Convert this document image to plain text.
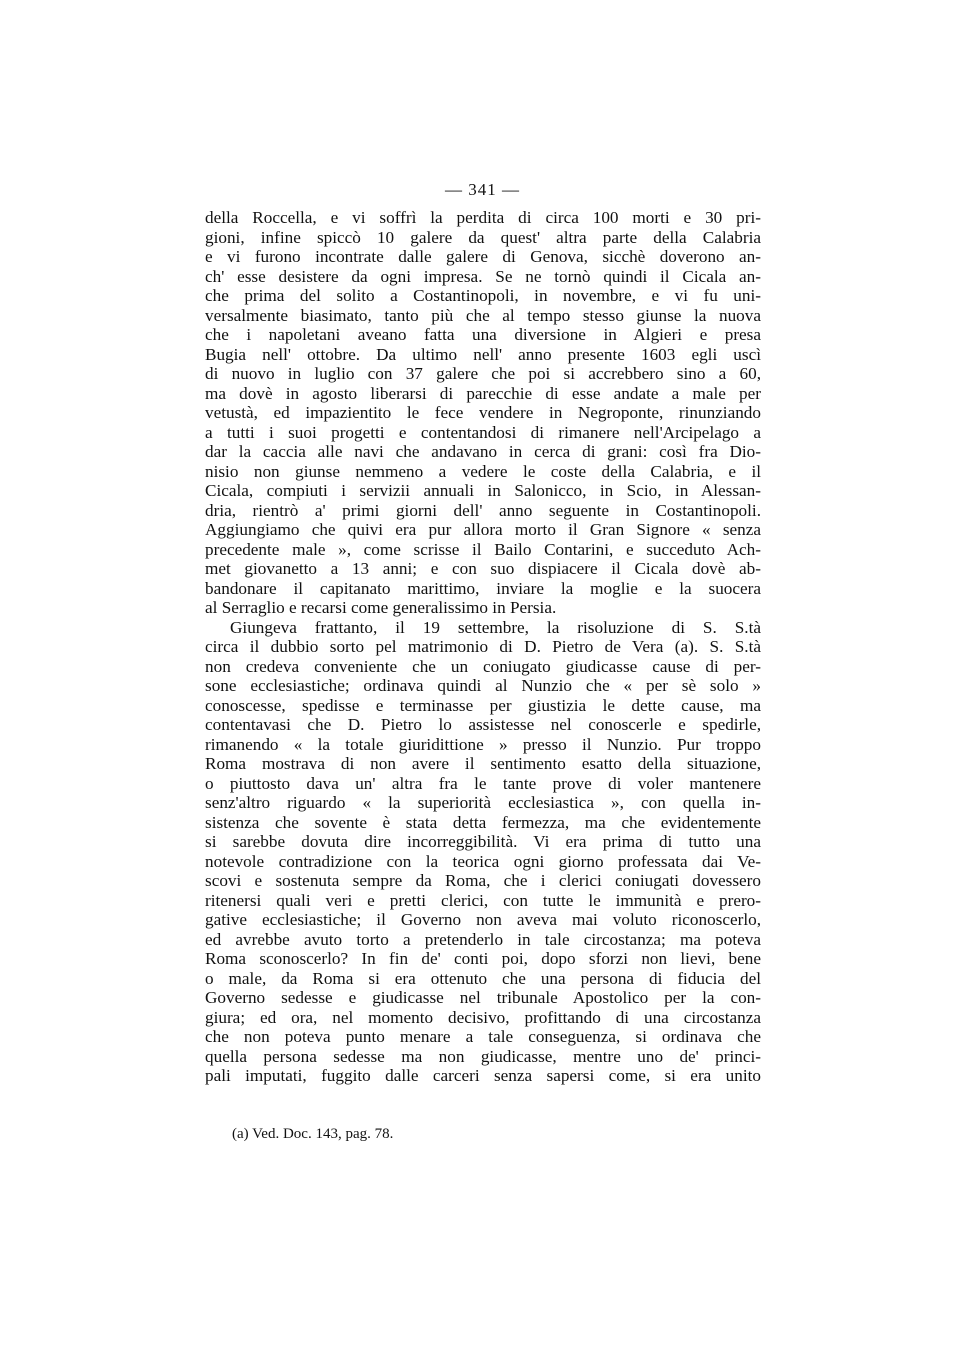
— 341 —
della Roccella, e vi soffrì la perdita di circa 100 morti e 30 pri-
gioni, infine spiccò 10 galere da quest' altra parte della Calabria
e vi furono incontrate dalle galere di Genova, sicchè doverono an-
ch' esse desistere da ogni impresa. Se ne tornò quindi il Cicala an-
che prima del solito a Costantinopoli, in novembre, e vi fu uni-
versalmente biasimato, tanto più che al tempo stesso giunse la nuova
che i napoletani aveano fatta una diversione in Algieri e presa
Bugia nell' ottobre. Da ultimo nell' anno presente 1603 egli uscì
di nuovo in luglio con 37 galere che poi si accrebbero sino a 60,
ma dovè in agosto liberarsi di parecchie di esse andate a male per
vetustà, ed impazientito le fece vendere in Negroponte, rinunziando
a tutti i suoi progetti e contentandosi di rimanere nell'Arcipelago a
dar la caccia alle navi che andavano in cerca di grani: così fra Dio-
nisio non giunse nemmeno a vedere le coste della Calabria, e il
Cicala, compiuti i servizii annuali in Salonicco, in Scio, in Alessan-
dria, rientrò a' primi giorni dell' anno seguente in Costantinopoli.
Aggiungiamo che quivi era pur allora morto il Gran Signore « senza
precedente male », come scrisse il Bailo Contarini, e succeduto Ach-
met giovanetto a 13 anni; e con suo dispiacere il Cicala dovè ab-
bandonare il capitanato marittimo, inviare la moglie e la suocera
al Serraglio e recarsi come generalissimo in Persia.
Giungeva frattanto, il 19 settembre, la risoluzione di S. S.tà
circa il dubbio sorto pel matrimonio di D. Pietro de Vera (a). S. S.tà
non credeva conveniente che un coniugato giudicasse cause di per-
sone ecclesiastiche; ordinava quindi al Nunzio che « per sè solo »
conoscesse, spedisse e terminasse per giustizia le dette cause, ma
contentavasi che D. Pietro lo assistesse nel conoscerle e spedirle,
rimanendo « la totale giuridittione » presso il Nunzio. Pur troppo
Roma mostrava di non avere il sentimento esatto della situazione,
o piuttosto dava un' altra fra le tante prove di voler mantenere
senz'altro riguardo « la superiorità ecclesiastica », con quella in-
sistenza che sovente è stata detta fermezza, ma che evidentemente
si sarebbe dovuta dire incorreggibilità. Vi era prima di tutto una
notevole contradizione con la teorica ogni giorno professata dai Ve-
scovi e sostenuta sempre da Roma, che i clerici coniugati dovessero
ritenersi quali veri e pretti clerici, con tutte le immunità e prero-
gative ecclesiastiche; il Governo non aveva mai voluto riconoscerlo,
ed avrebbe avuto torto a pretenderlo in tale circostanza; ma poteva
Roma sconoscerlo? In fin de' conti poi, dopo sforzi non lievi, bene
o male, da Roma si era ottenuto che una persona di fiducia del
Governo sedesse e giudicasse nel tribunale Apostolico per la con-
giura; ed ora, nel momento decisivo, profittando di una circostanza
che non poteva punto menare a tale conseguenza, si ordinava che
quella persona sedesse ma non giudicasse, mentre uno de' princi-
pali imputati, fuggito dalle carceri senza sapersi come, si era unito
(a) Ved. Doc. 143, pag. 78.
